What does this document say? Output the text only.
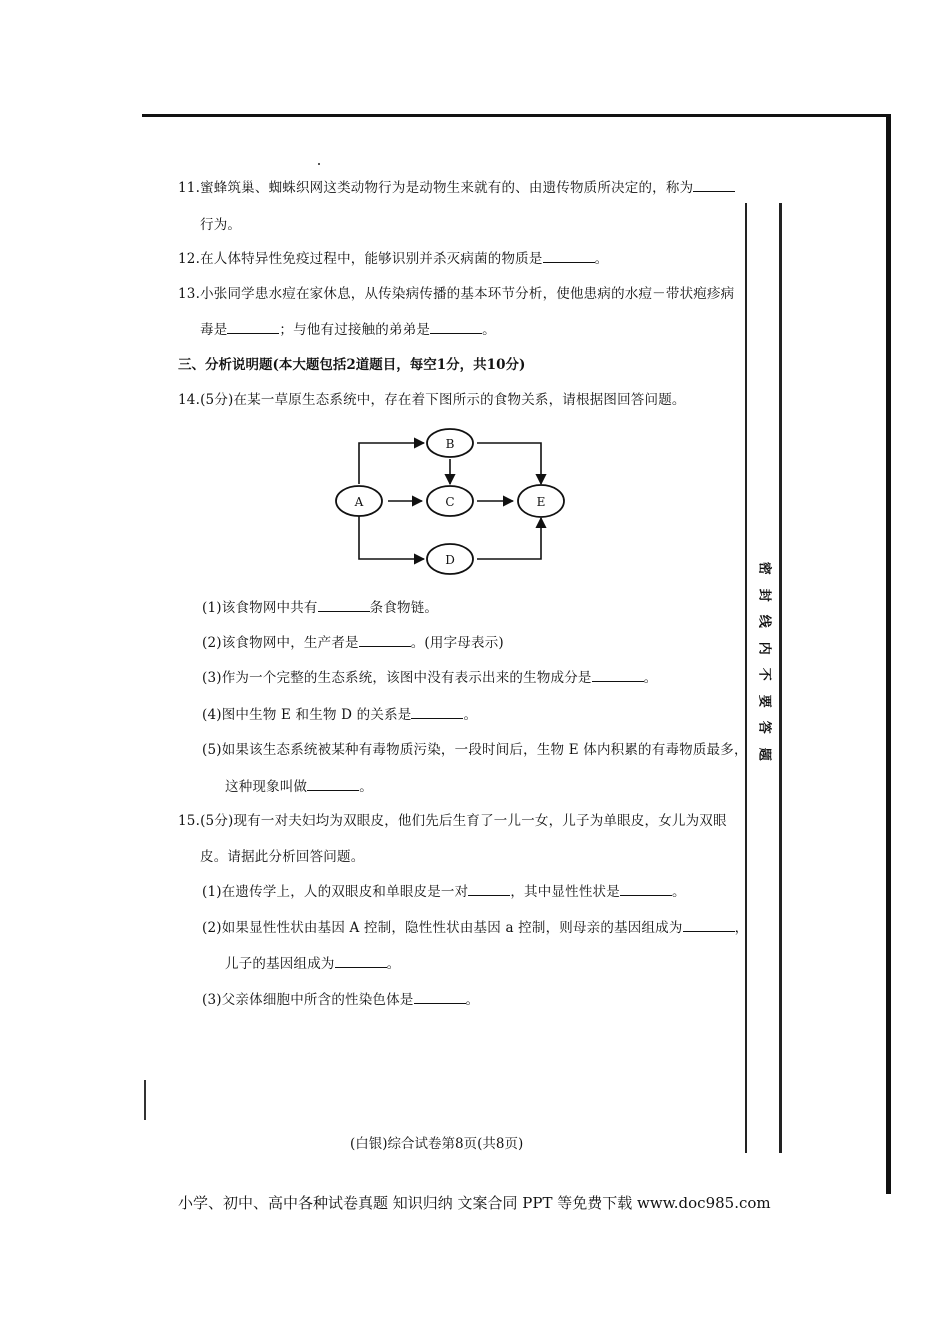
密
封
线
内
不
要
答
题
11.蜜蜂筑巢、蜘蛛织网这类动物行为是动物生来就有的、由遗传物质所决定的，称为
行为。
12.在人体特异性免疫过程中，能够识别并杀灭病菌的物质是	。
13.小张同学患水痘在家休息，从传染病传播的基本环节分析，使他患病的水痘－带状疱疹病
毒是	；与他有过接触的弟弟是	。
三、分析说明题(本大题包括2道题目，每空1分，共10分)
14.(5分)在某一草原生态系统中，存在着下图所示的食物关系，请根据图回答问题。
A
B
C
D
E
(1)该食物网中共有	条食物链。
(2)该食物网中，生产者是	。(用字母表示)
(3)作为一个完整的生态系统，该图中没有表示出来的生物成分是	。
(4)图中生物 E 和生物 D 的关系是	。
(5)如果该生态系统被某种有毒物质污染，一段时间后，生物 E 体内积累的有毒物质最多，
这种现象叫做	。
15.(5分)现有一对夫妇均为双眼皮，他们先后生育了一儿一女，儿子为单眼皮，女儿为双眼
皮。请据此分析回答问题。
(1)在遗传学上，人的双眼皮和单眼皮是一对	，其中显性性状是	。
(2)如果显性性状由基因 A 控制，隐性性状由基因 a 控制，则母亲的基因组成为	，
儿子的基因组成为	。
(3)父亲体细胞中所含的性染色体是	。
(白银)综合试卷第8页(共8页)
小学、初中、高中各种试卷真题 知识归纳 文案合同 PPT 等免费下载 www.doc985.com
